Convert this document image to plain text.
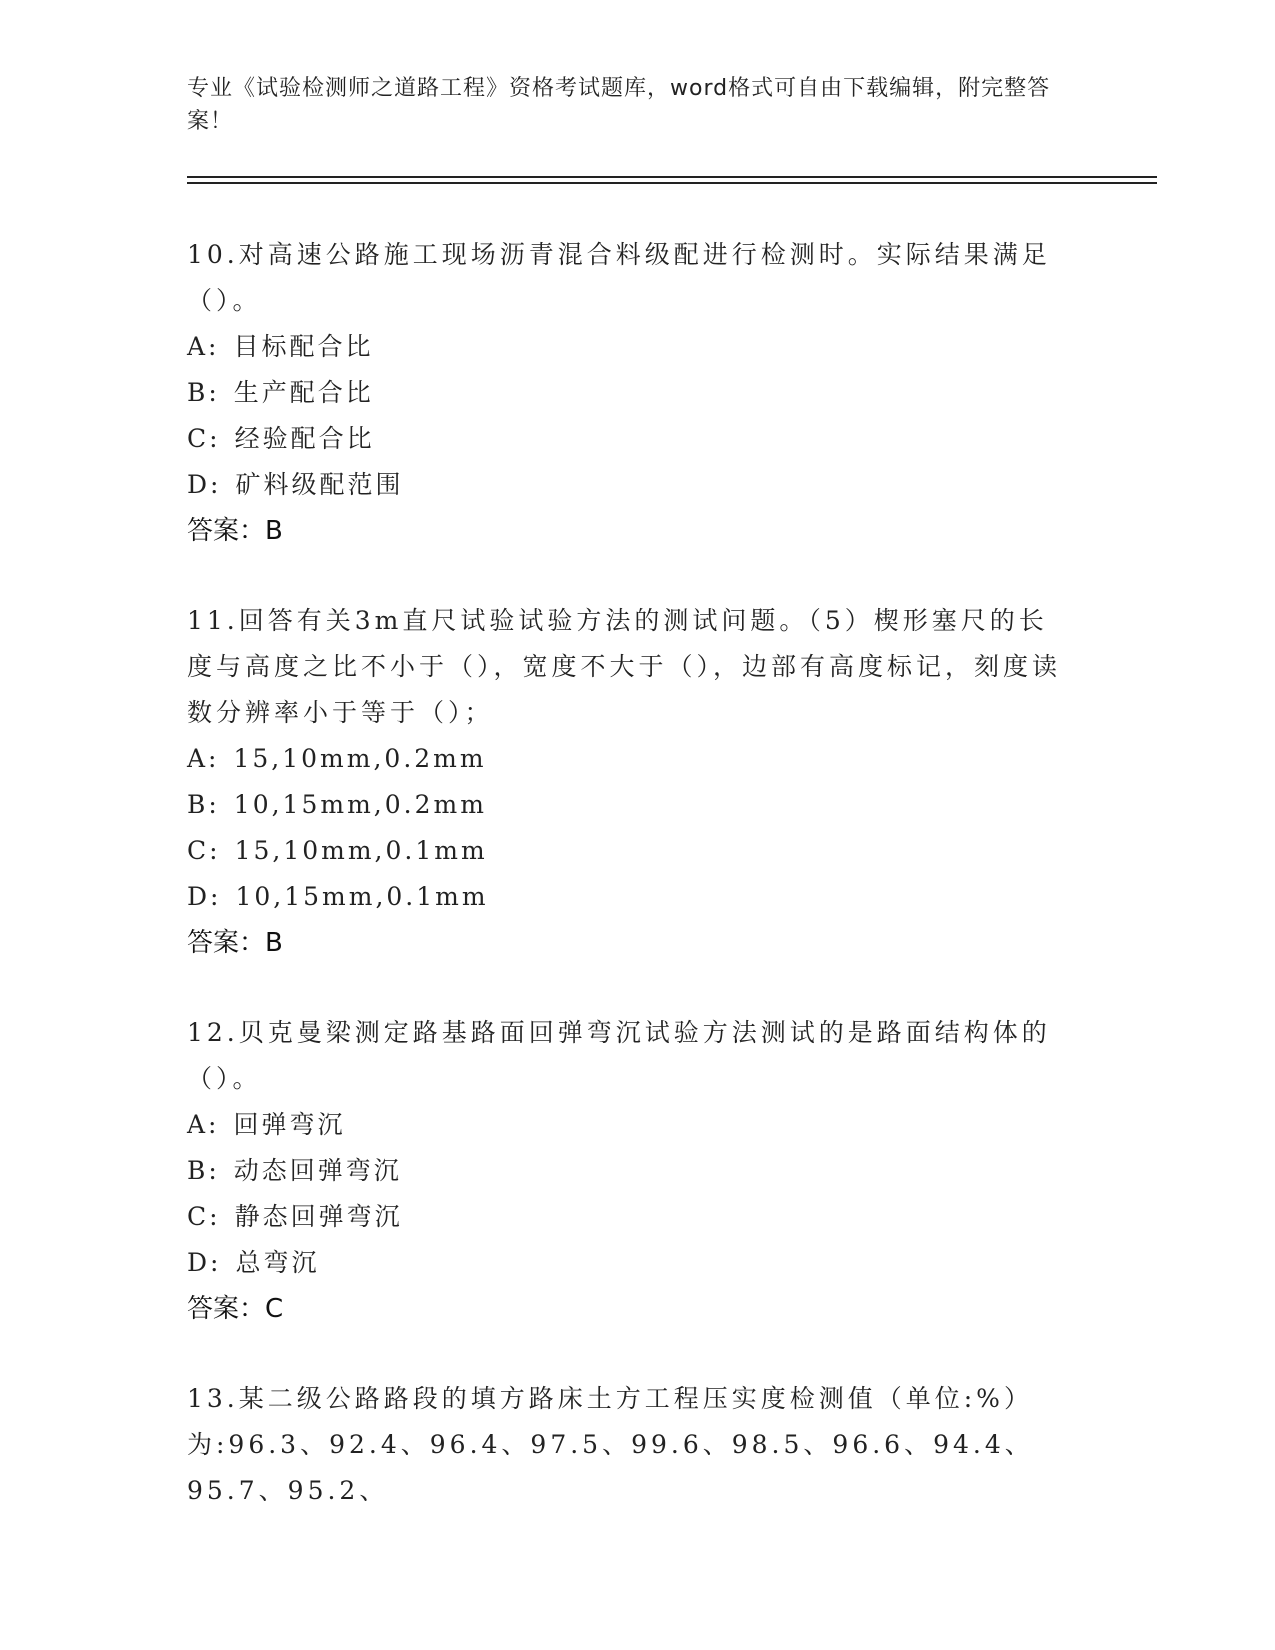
专业《试验检测师之道路工程》资格考试题库，word格式可自由下载编辑，附完整答案！

10.对高速公路施工现场沥青混合料级配进行检测时。实际结果满足（）。

A: 目标配合比

B: 生产配合比

C: 经验配合比

D: 矿料级配范围

答案：B

11.回答有关3m直尺试验试验方法的测试问题。（5）楔形塞尺的长度与高度之比不小于（），宽度不大于（），边部有高度标记，刻度读数分辨率小于等于（）；

A: 15,10mm,0.2mm

B: 10,15mm,0.2mm

C: 15,10mm,0.1mm

D: 10,15mm,0.1mm

答案：B

12.贝克曼梁测定路基路面回弹弯沉试验方法测试的是路面结构体的（）。

A: 回弹弯沉

B: 动态回弹弯沉

C: 静态回弹弯沉

D: 总弯沉

答案：C

13.某二级公路路段的填方路床土方工程压实度检测值（单位:%）为:96.3、92.4、96.4、97.5、99.6、98.5、96.6、94.4、95.7、95.2、
